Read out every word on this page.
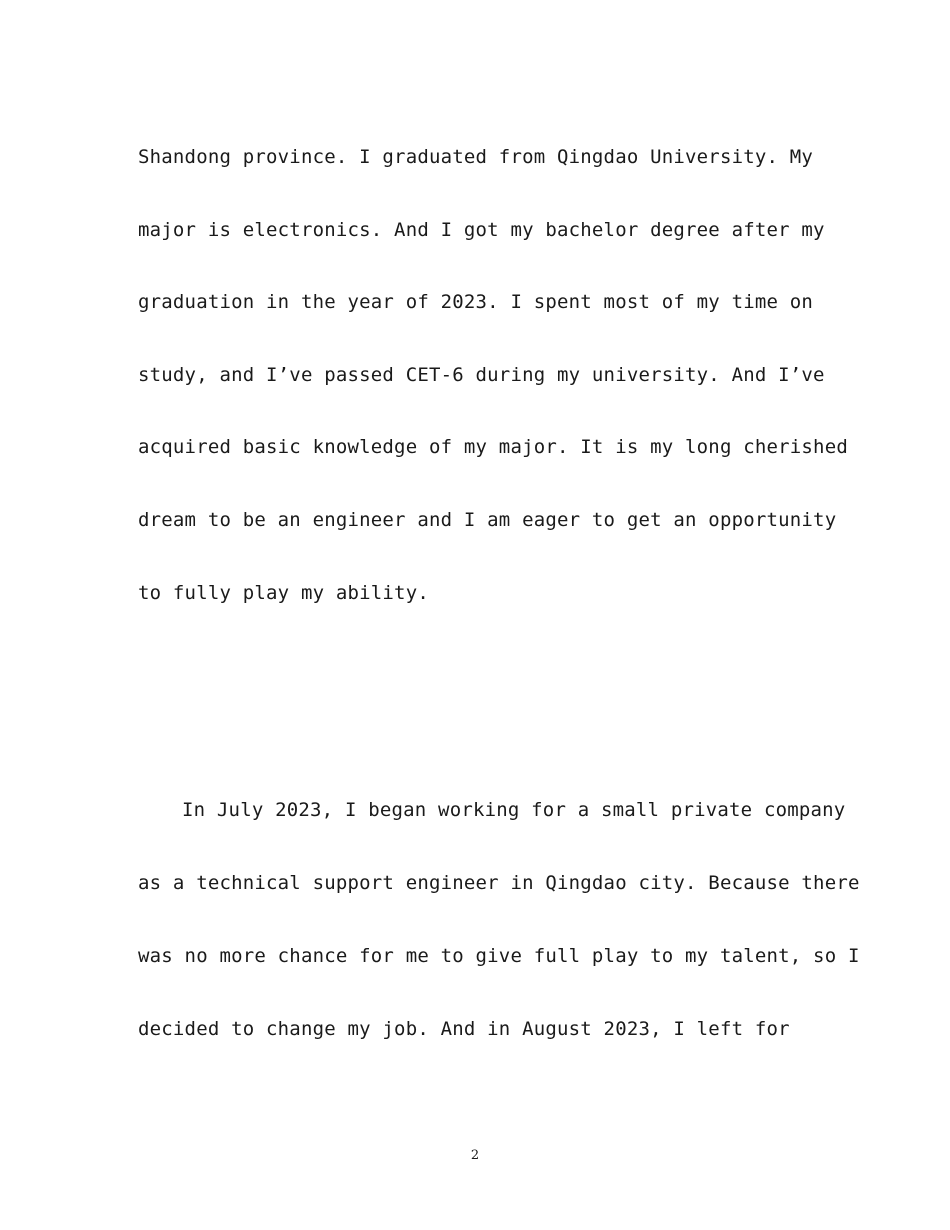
Shandong province. I graduated from Qingdao University. My

major is electronics. And I got my bachelor degree after my

graduation in the year of 2023. I spent most of my time on

study, and I’ve passed CET-6 during my university. And I’ve

acquired basic knowledge of my major. It is my long cherished

dream to be an engineer and I am eager to get an opportunity

to fully play my ability.

In July 2023, I began working for a small private company

as a technical support engineer in Qingdao city. Because there

was no more chance for me to give full play to my talent, so I

decided to change my job. And in August 2023, I left for

2
